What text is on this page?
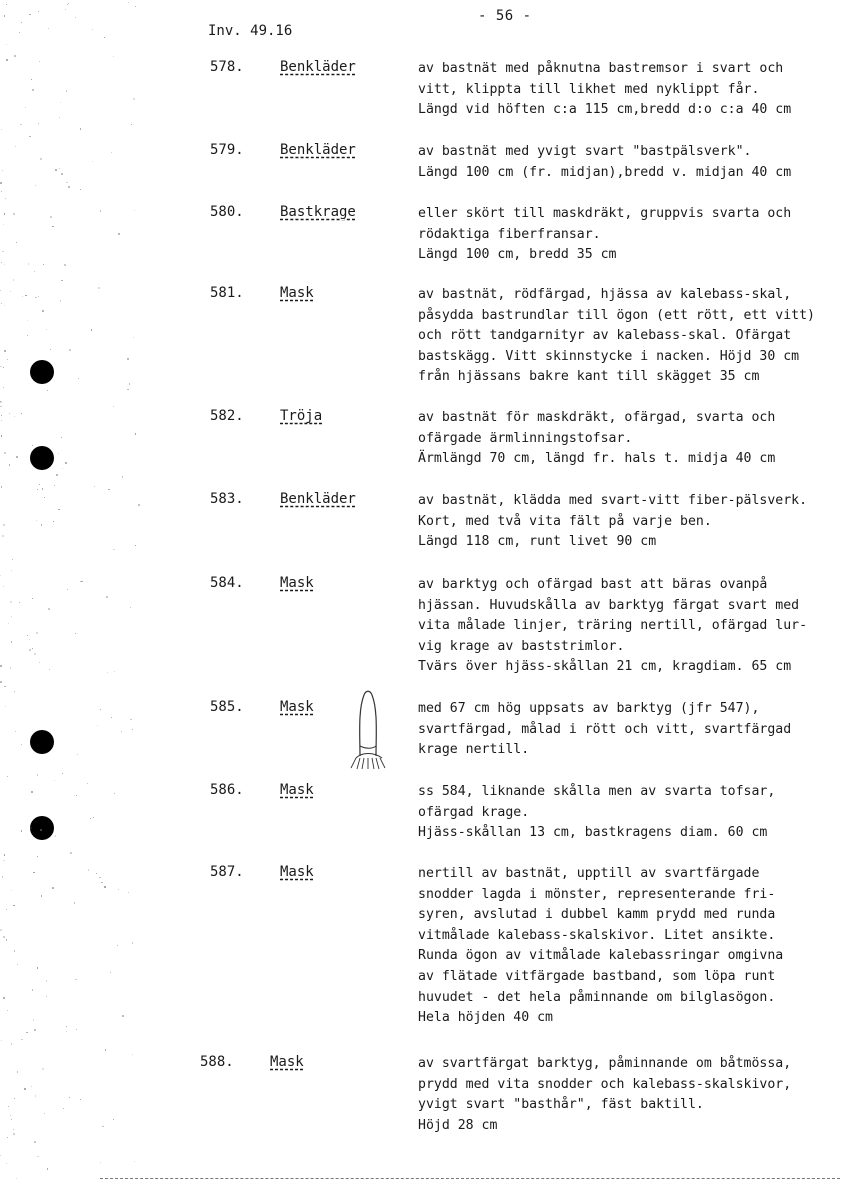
- 56 -
Inv. 49.16
578.	Benkläder	av bastnät med påknutna bastremsor i svart och
vitt, klippta till likhet med nyklippt får.
Längd vid höften c:a 115 cm,bredd d:o c:a 40 cm
579.	Benkläder	av bastnät med yvigt svart "bastpälsverk".
Längd 100 cm (fr. midjan),bredd v. midjan 40 cm
580.	Bastkrage	eller skört till maskdräkt, gruppvis svarta och
rödaktiga fiberfransar.
Längd 100 cm, bredd 35 cm
581.	Mask	av bastnät, rödfärgad, hjässa av kalebass-skal,
påsydda bastrundlar till ögon (ett rött, ett vitt)
och rött tandgarnityr av kalebass-skal. Ofärgat
bastskägg. Vitt skinnstycke i nacken. Höjd 30 cm
från hjässans bakre kant till skägget 35 cm
582.	Tröja	av bastnät för maskdräkt, ofärgad, svarta och
ofärgade ärmlinningstofsar.
Ärmlängd 70 cm, längd fr. hals t. midja 40 cm
583.	Benkläder	av bastnät, klädda med svart-vitt fiber-pälsverk.
Kort, med två vita fält på varje ben.
Längd 118 cm, runt livet 90 cm
584.	Mask	av barktyg och ofärgad bast att bäras ovanpå
hjässan. Huvudskålla av barktyg färgat svart med
vita målade linjer, träring nertill, ofärgad lur-
vig krage av baststrimlor.
Tvärs över hjäss-skållan 21 cm, kragdiam. 65 cm
585.	Mask	med 67 cm hög uppsats av barktyg (jfr 547),
svartfärgad, målad i rött och vitt, svartfärgad
krage nertill.
586.	Mask	ss 584, liknande skålla men av svarta tofsar,
ofärgad krage.
Hjäss-skållan 13 cm, bastkragens diam. 60 cm
587.	Mask	nertill av bastnät, upptill av svartfärgade
snodder lagda i mönster, representerande fri-
syren, avslutad i dubbel kamm prydd med runda
vitmålade kalebass-skalskivor. Litet ansikte.
Runda ögon av vitmålade kalebassringar omgivna
av flätade vitfärgade bastband, som löpa runt
huvudet - det hela påminnande om bilglasögon.
Hela höjden 40 cm
588.	Mask	av svartfärgat barktyg, påminnande om båtmössa,
prydd med vita snodder och kalebass-skalskivor,
yvigt svart "basthår", fäst baktill.
Höjd 28 cm
